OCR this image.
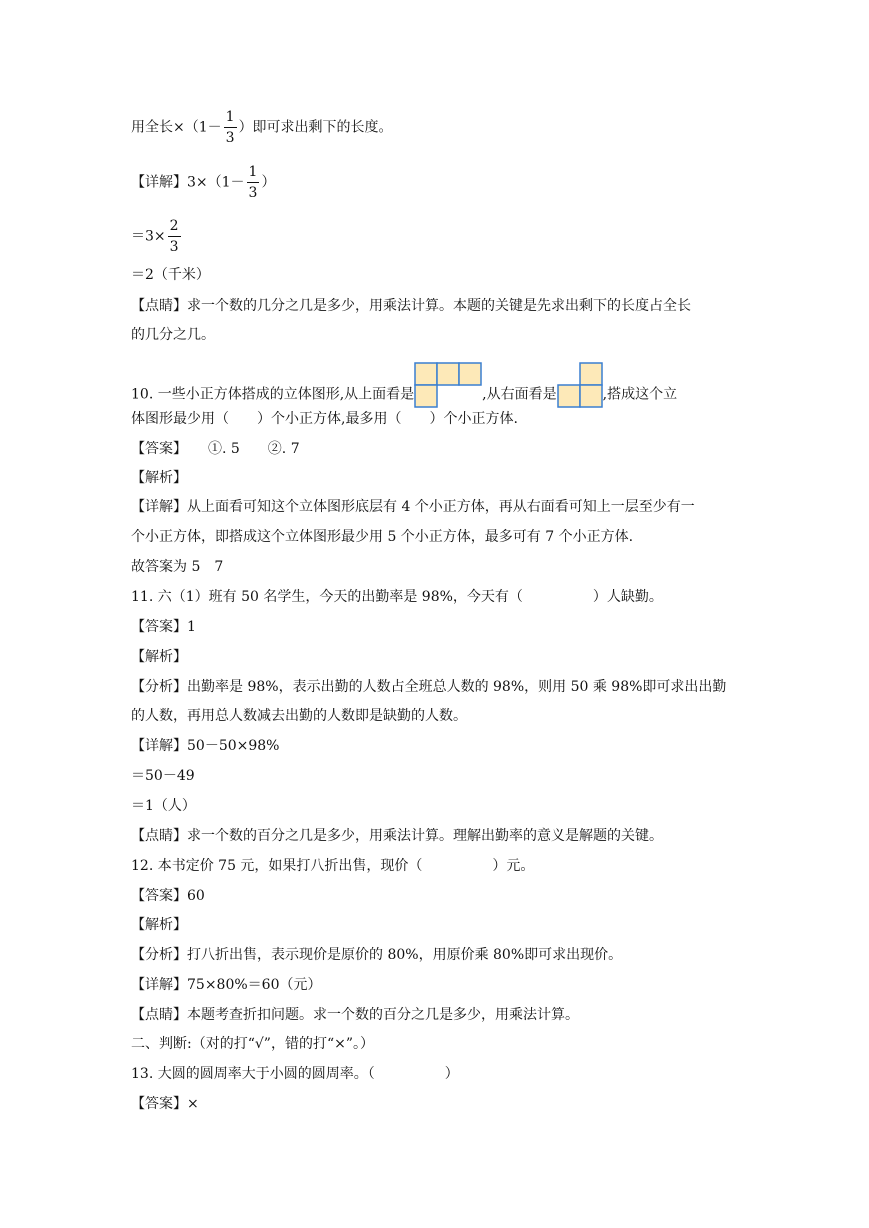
用全长$\times(1- \frac{1}{3}$ ）即可求出剩下的长度。
【详解】$3\times(1- \frac{1}{3}$ ）
$=3\times \frac{2}{3}$
＝2（千米）
【点睛】求一个数的几分之几是多少，用乘法计算。本题的关键是先求出剩下的长度占全长
的几分之几。
10. 一些小正方体搭成的立体图形,从上面看是	,从右面看是	,搭成这个立
体图形最少用（　　）个小正方体,最多用（　　）个小正方体.
【答案】　　①. 5　　②. 7
【解析】
【详解】从上面看可知这个立体图形底层有 4 个小正方体，再从右面看可知上一层至少有一
个小正方体，即搭成这个立体图形最少用 5 个小正方体，最多可有 7 个小正方体.
故答案为 5　7
11. 六（1）班有 50 名学生，今天的出勤率是 98%，今天有（　　　　　）人缺勤。
【答案】1
【解析】
【分析】出勤率是 98%，表示出勤的人数占全班总人数的 98%，则用 50 乘 98%即可求出出勤
的人数，再用总人数减去出勤的人数即是缺勤的人数。
【详解】50－50×98%
＝50－49
＝1（人）
【点睛】求一个数的百分之几是多少，用乘法计算。理解出勤率的意义是解题的关键。
12. 本书定价 75 元，如果打八折出售，现价（　　　　　）元。
【答案】60
【解析】
【分析】打八折出售，表示现价是原价的 80%，用原价乘 80%即可求出现价。
【详解】75×80%＝60（元）
【点睛】本题考查折扣问题。求一个数的百分之几是多少，用乘法计算。
二、判断:（对的打“√”，错的打“×”。）
13. 大圆的圆周率大于小圆的圆周率。（　　　　　）
【答案】×
